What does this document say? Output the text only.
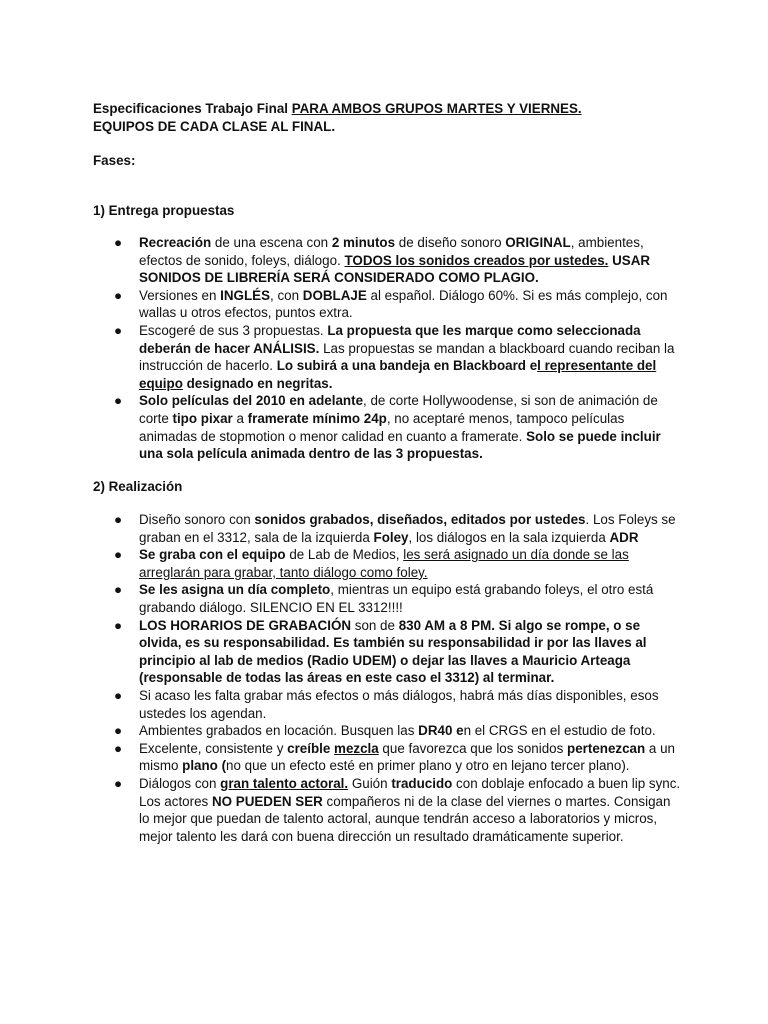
Especificaciones Trabajo Final PARA AMBOS GRUPOS MARTES Y VIERNES.
EQUIPOS DE CADA CLASE AL FINAL.

Fases:

1) Entrega propuestas

● Recreación de una escena con 2 minutos de diseño sonoro ORIGINAL, ambientes, efectos de sonido, foleys, diálogo. TODOS los sonidos creados por ustedes. USAR SONIDOS DE LIBRERÍA SERÁ CONSIDERADO COMO PLAGIO.
● Versiones en INGLÉS, con DOBLAJE al español. Diálogo 60%. Si es más complejo, con wallas u otros efectos, puntos extra.
● Escogeré de sus 3 propuestas. La propuesta que les marque como seleccionada deberán de hacer ANÁLISIS. Las propuestas se mandan a blackboard cuando reciban la instrucción de hacerlo. Lo subirá a una bandeja en Blackboard el representante del equipo designado en negritas.
● Solo películas del 2010 en adelante, de corte Hollywoodense, si son de animación de corte tipo pixar a framerate mínimo 24p, no aceptaré menos, tampoco películas animadas de stopmotion o menor calidad en cuanto a framerate. Solo se puede incluir una sola película animada dentro de las 3 propuestas.

2) Realización

● Diseño sonoro con sonidos grabados, diseñados, editados por ustedes. Los Foleys se graban en el 3312, sala de la izquierda Foley, los diálogos en la sala izquierda ADR
● Se graba con el equipo de Lab de Medios, les será asignado un día donde se las arreglarán para grabar, tanto diálogo como foley.
● Se les asigna un día completo, mientras un equipo está grabando foleys, el otro está grabando diálogo. SILENCIO EN EL 3312!!!!
● LOS HORARIOS DE GRABACIÓN son de 830 AM a 8 PM. Si algo se rompe, o se olvida, es su responsabilidad. Es también su responsabilidad ir por las llaves al principio al lab de medios (Radio UDEM) o dejar las llaves a Mauricio Arteaga (responsable de todas las áreas en este caso el 3312) al terminar.
● Si acaso les falta grabar más efectos o más diálogos, habrá más días disponibles, esos ustedes los agendan.
● Ambientes grabados en locación. Busquen las DR40 en el CRGS en el estudio de foto.
● Excelente, consistente y creíble mezcla que favorezca que los sonidos pertenezcan a un mismo plano (no que un efecto esté en primer plano y otro en lejano tercer plano).
● Diálogos con gran talento actoral. Guión traducido con doblaje enfocado a buen lip sync. Los actores NO PUEDEN SER compañeros ni de la clase del viernes o martes. Consigan lo mejor que puedan de talento actoral, aunque tendrán acceso a laboratorios y micros, mejor talento les dará con buena dirección un resultado dramáticamente superior.
